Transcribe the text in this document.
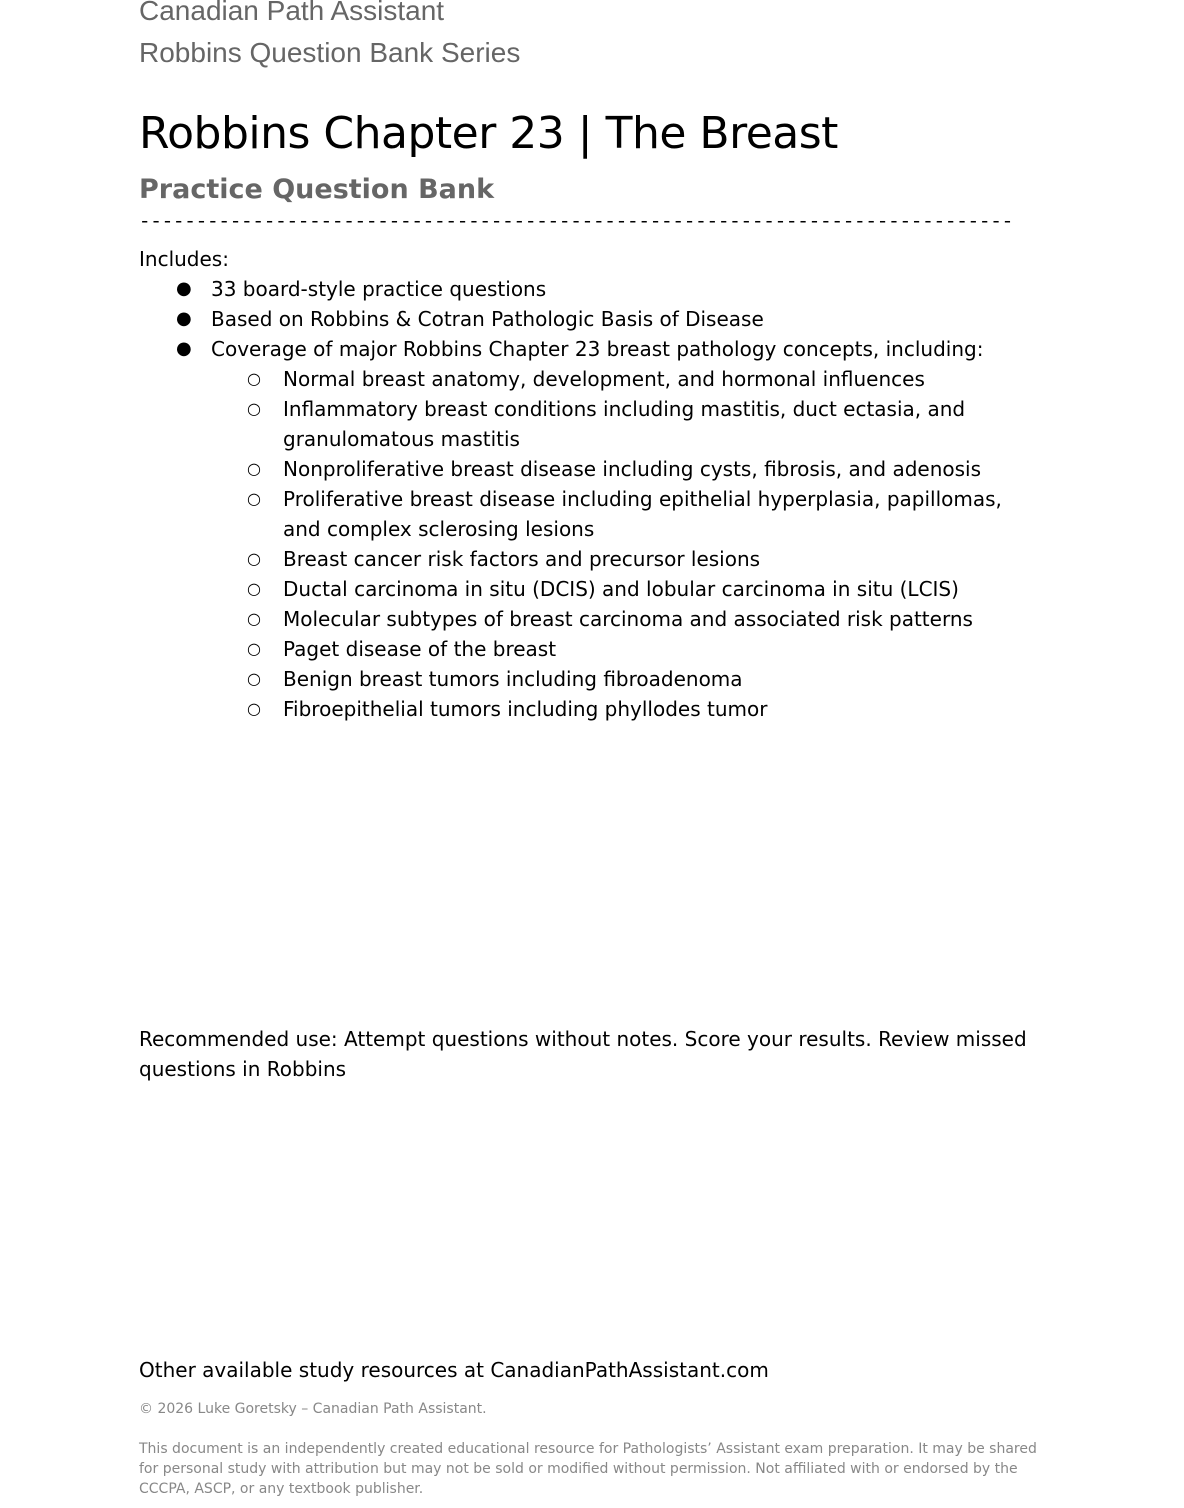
Canadian Path Assistant
Robbins Question Bank Series
Robbins Chapter 23 | The Breast
Practice Question Bank
-----------------------------------------------------------------------------
Includes:
● 33 board-style practice questions
● Based on Robbins & Cotran Pathologic Basis of Disease
● Coverage of major Robbins Chapter 23 breast pathology concepts, including:
○ Normal breast anatomy, development, and hormonal influences
○ Inflammatory breast conditions including mastitis, duct ectasia, and granulomatous mastitis
○ Nonproliferative breast disease including cysts, fibrosis, and adenosis
○ Proliferative breast disease including epithelial hyperplasia, papillomas, and complex sclerosing lesions
○ Breast cancer risk factors and precursor lesions
○ Ductal carcinoma in situ (DCIS) and lobular carcinoma in situ (LCIS)
○ Molecular subtypes of breast carcinoma and associated risk patterns
○ Paget disease of the breast
○ Benign breast tumors including fibroadenoma
○ Fibroepithelial tumors including phyllodes tumor

Recommended use: Attempt questions without notes. Score your results. Review missed questions in Robbins

Other available study resources at CanadianPathAssistant.com
© 2026 Luke Goretsky – Canadian Path Assistant.

This document is an independently created educational resource for Pathologists’ Assistant exam preparation. It may be shared for personal study with attribution but may not be sold or modified without permission. Not affiliated with or endorsed by the CCCPA, ASCP, or any textbook publisher.
